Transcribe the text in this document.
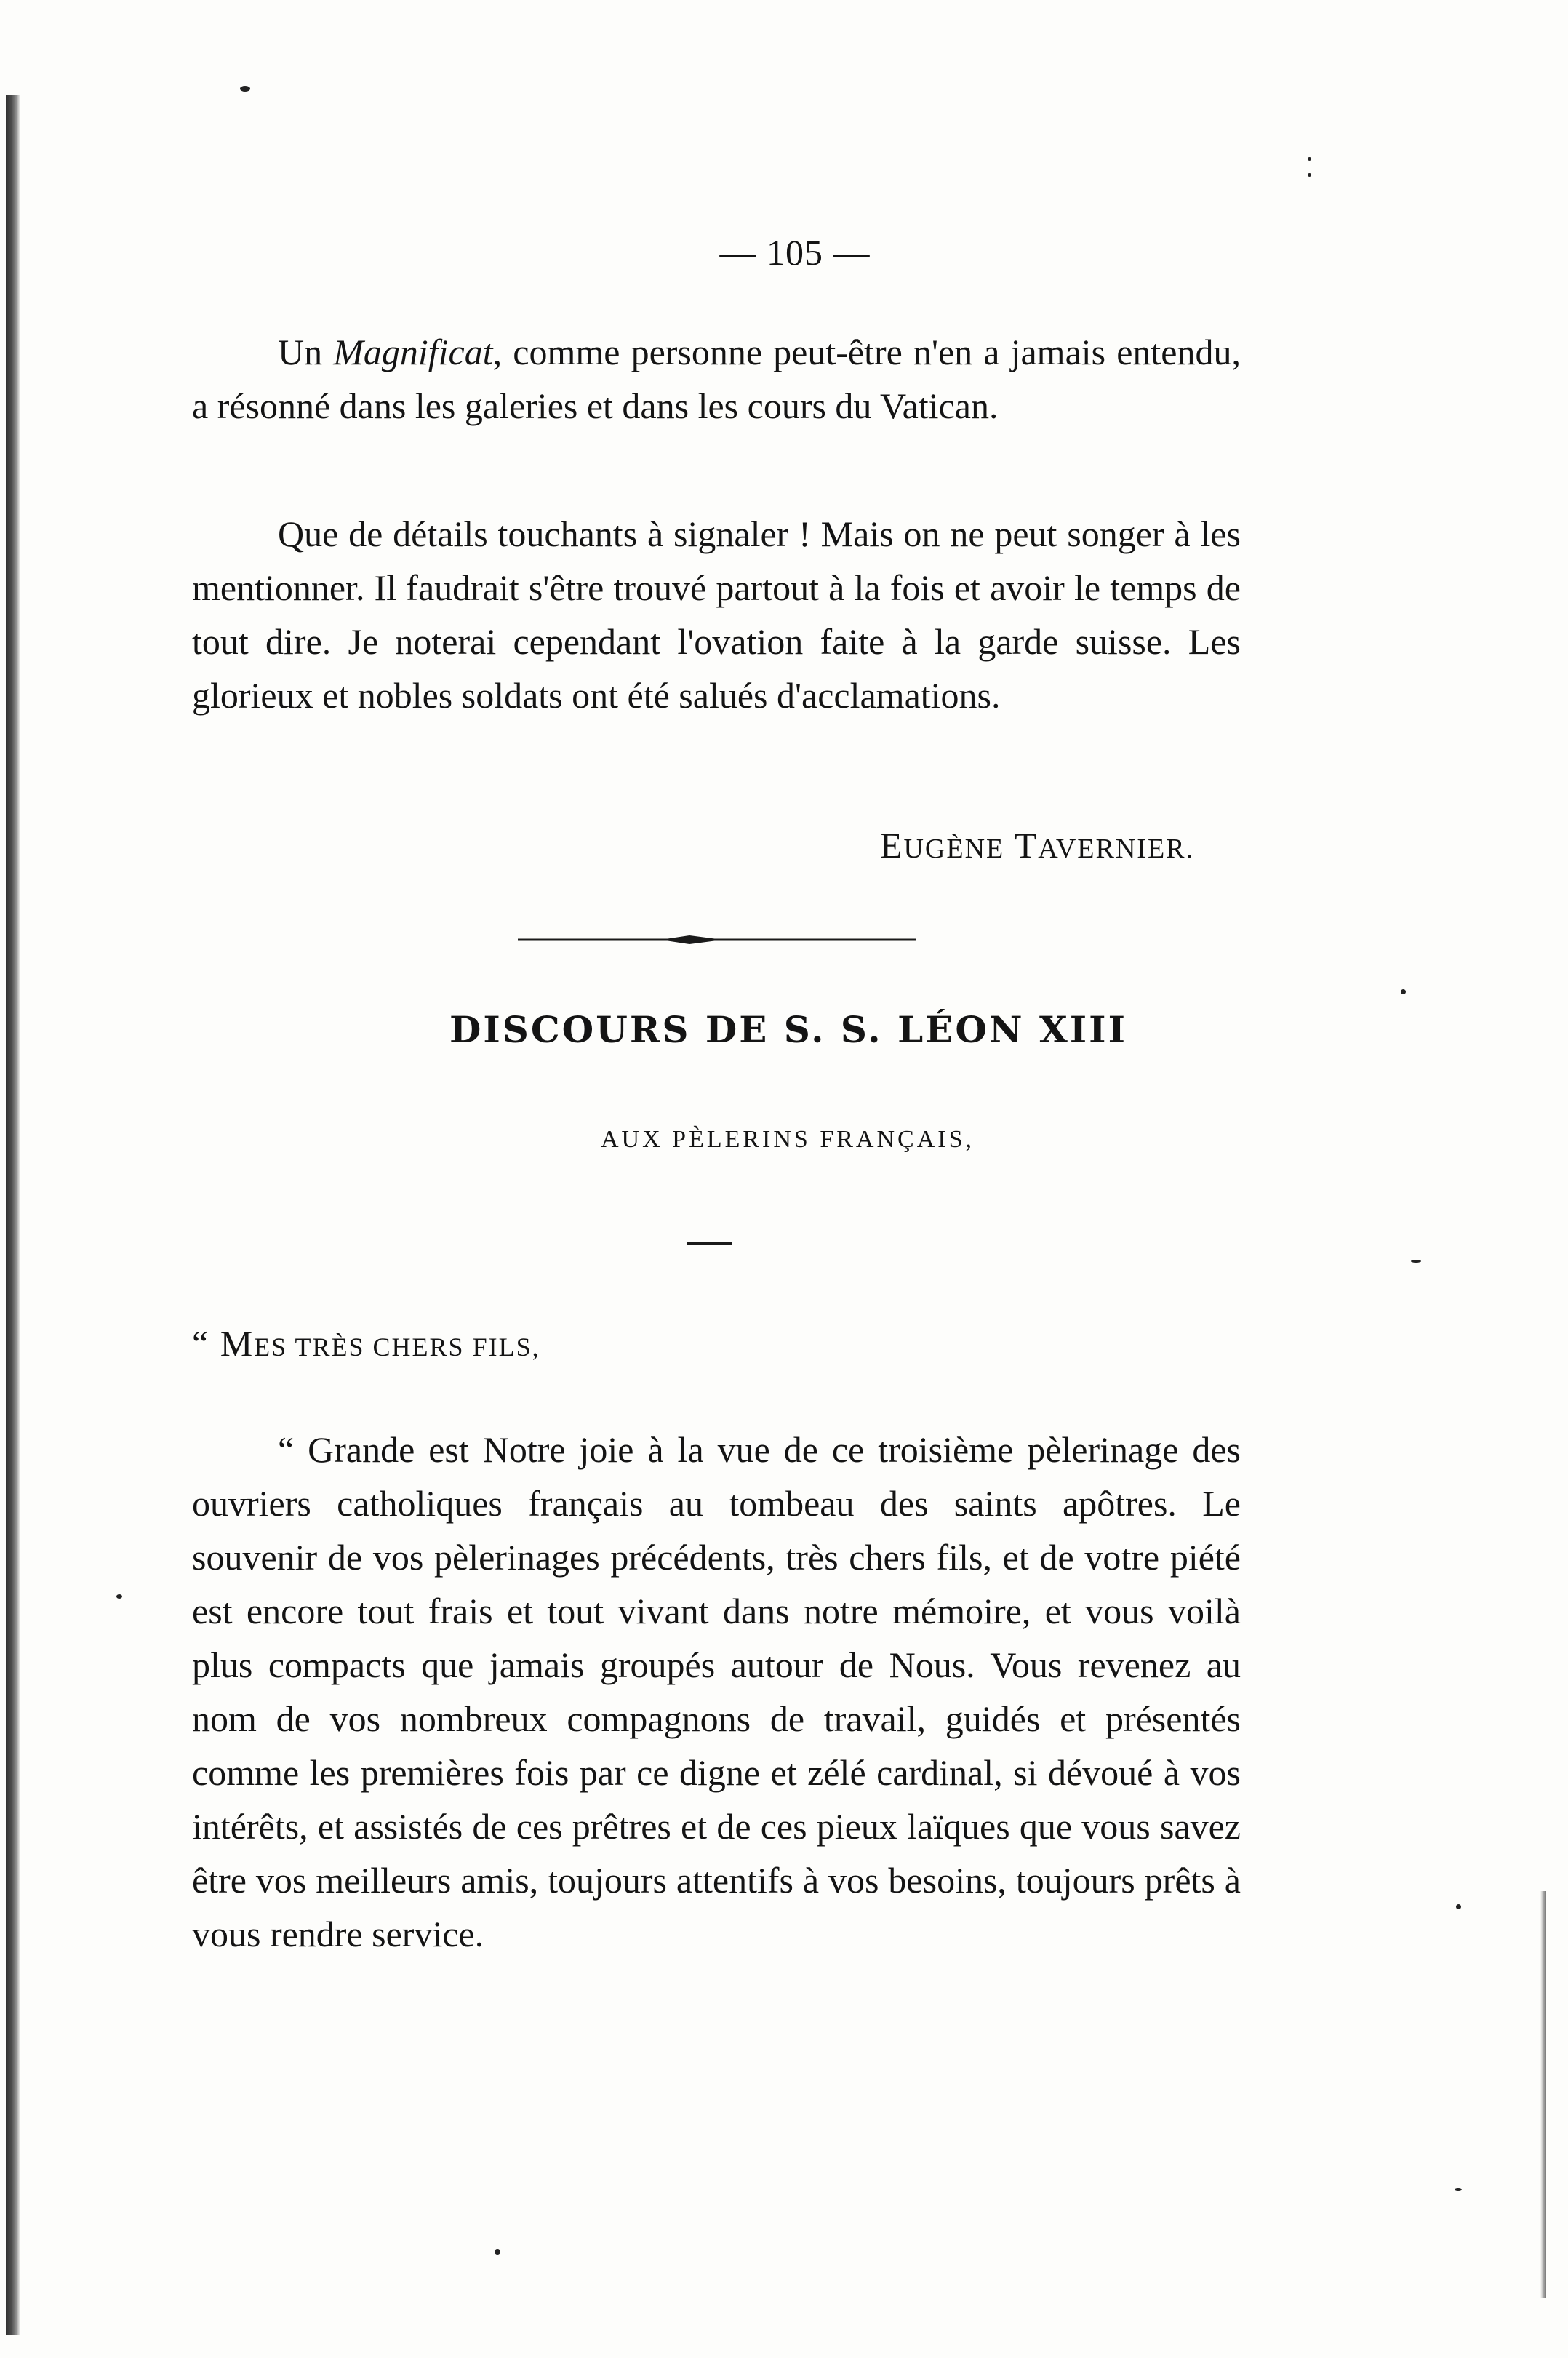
— 105 —

Un Magnificat, comme personne peut-être n'en a jamais entendu, a résonné dans les galeries et dans les cours du Vatican.

Que de détails touchants à signaler ! Mais on ne peut songer à les mentionner. Il faudrait s'être trouvé partout à la fois et avoir le temps de tout dire. Je noterai cependant l'ovation faite à la garde suisse. Les glorieux et nobles soldats ont été salués d'acclamations.

EUGÈNE TAVERNIER.
DISCOURS DE S. S. LÉON XIII
AUX PÈLERINS FRANÇAIS,
“ MES TRÈS CHERS FILS,

“ Grande est Notre joie à la vue de ce troisième pèlerinage des ouvriers catholiques français au tombeau des saints apôtres. Le souvenir de vos pèlerinages précédents, très chers fils, et de votre piété est encore tout frais et tout vivant dans notre mémoire, et vous voilà plus compacts que jamais groupés autour de Nous. Vous revenez au nom de vos nombreux compagnons de travail, guidés et présentés comme les premières fois par ce digne et zélé cardinal, si dévoué à vos intérêts, et assistés de ces prêtres et de ces pieux laïques que vous savez être vos meilleurs amis, toujours attentifs à vos besoins, toujours prêts à vous rendre service.
